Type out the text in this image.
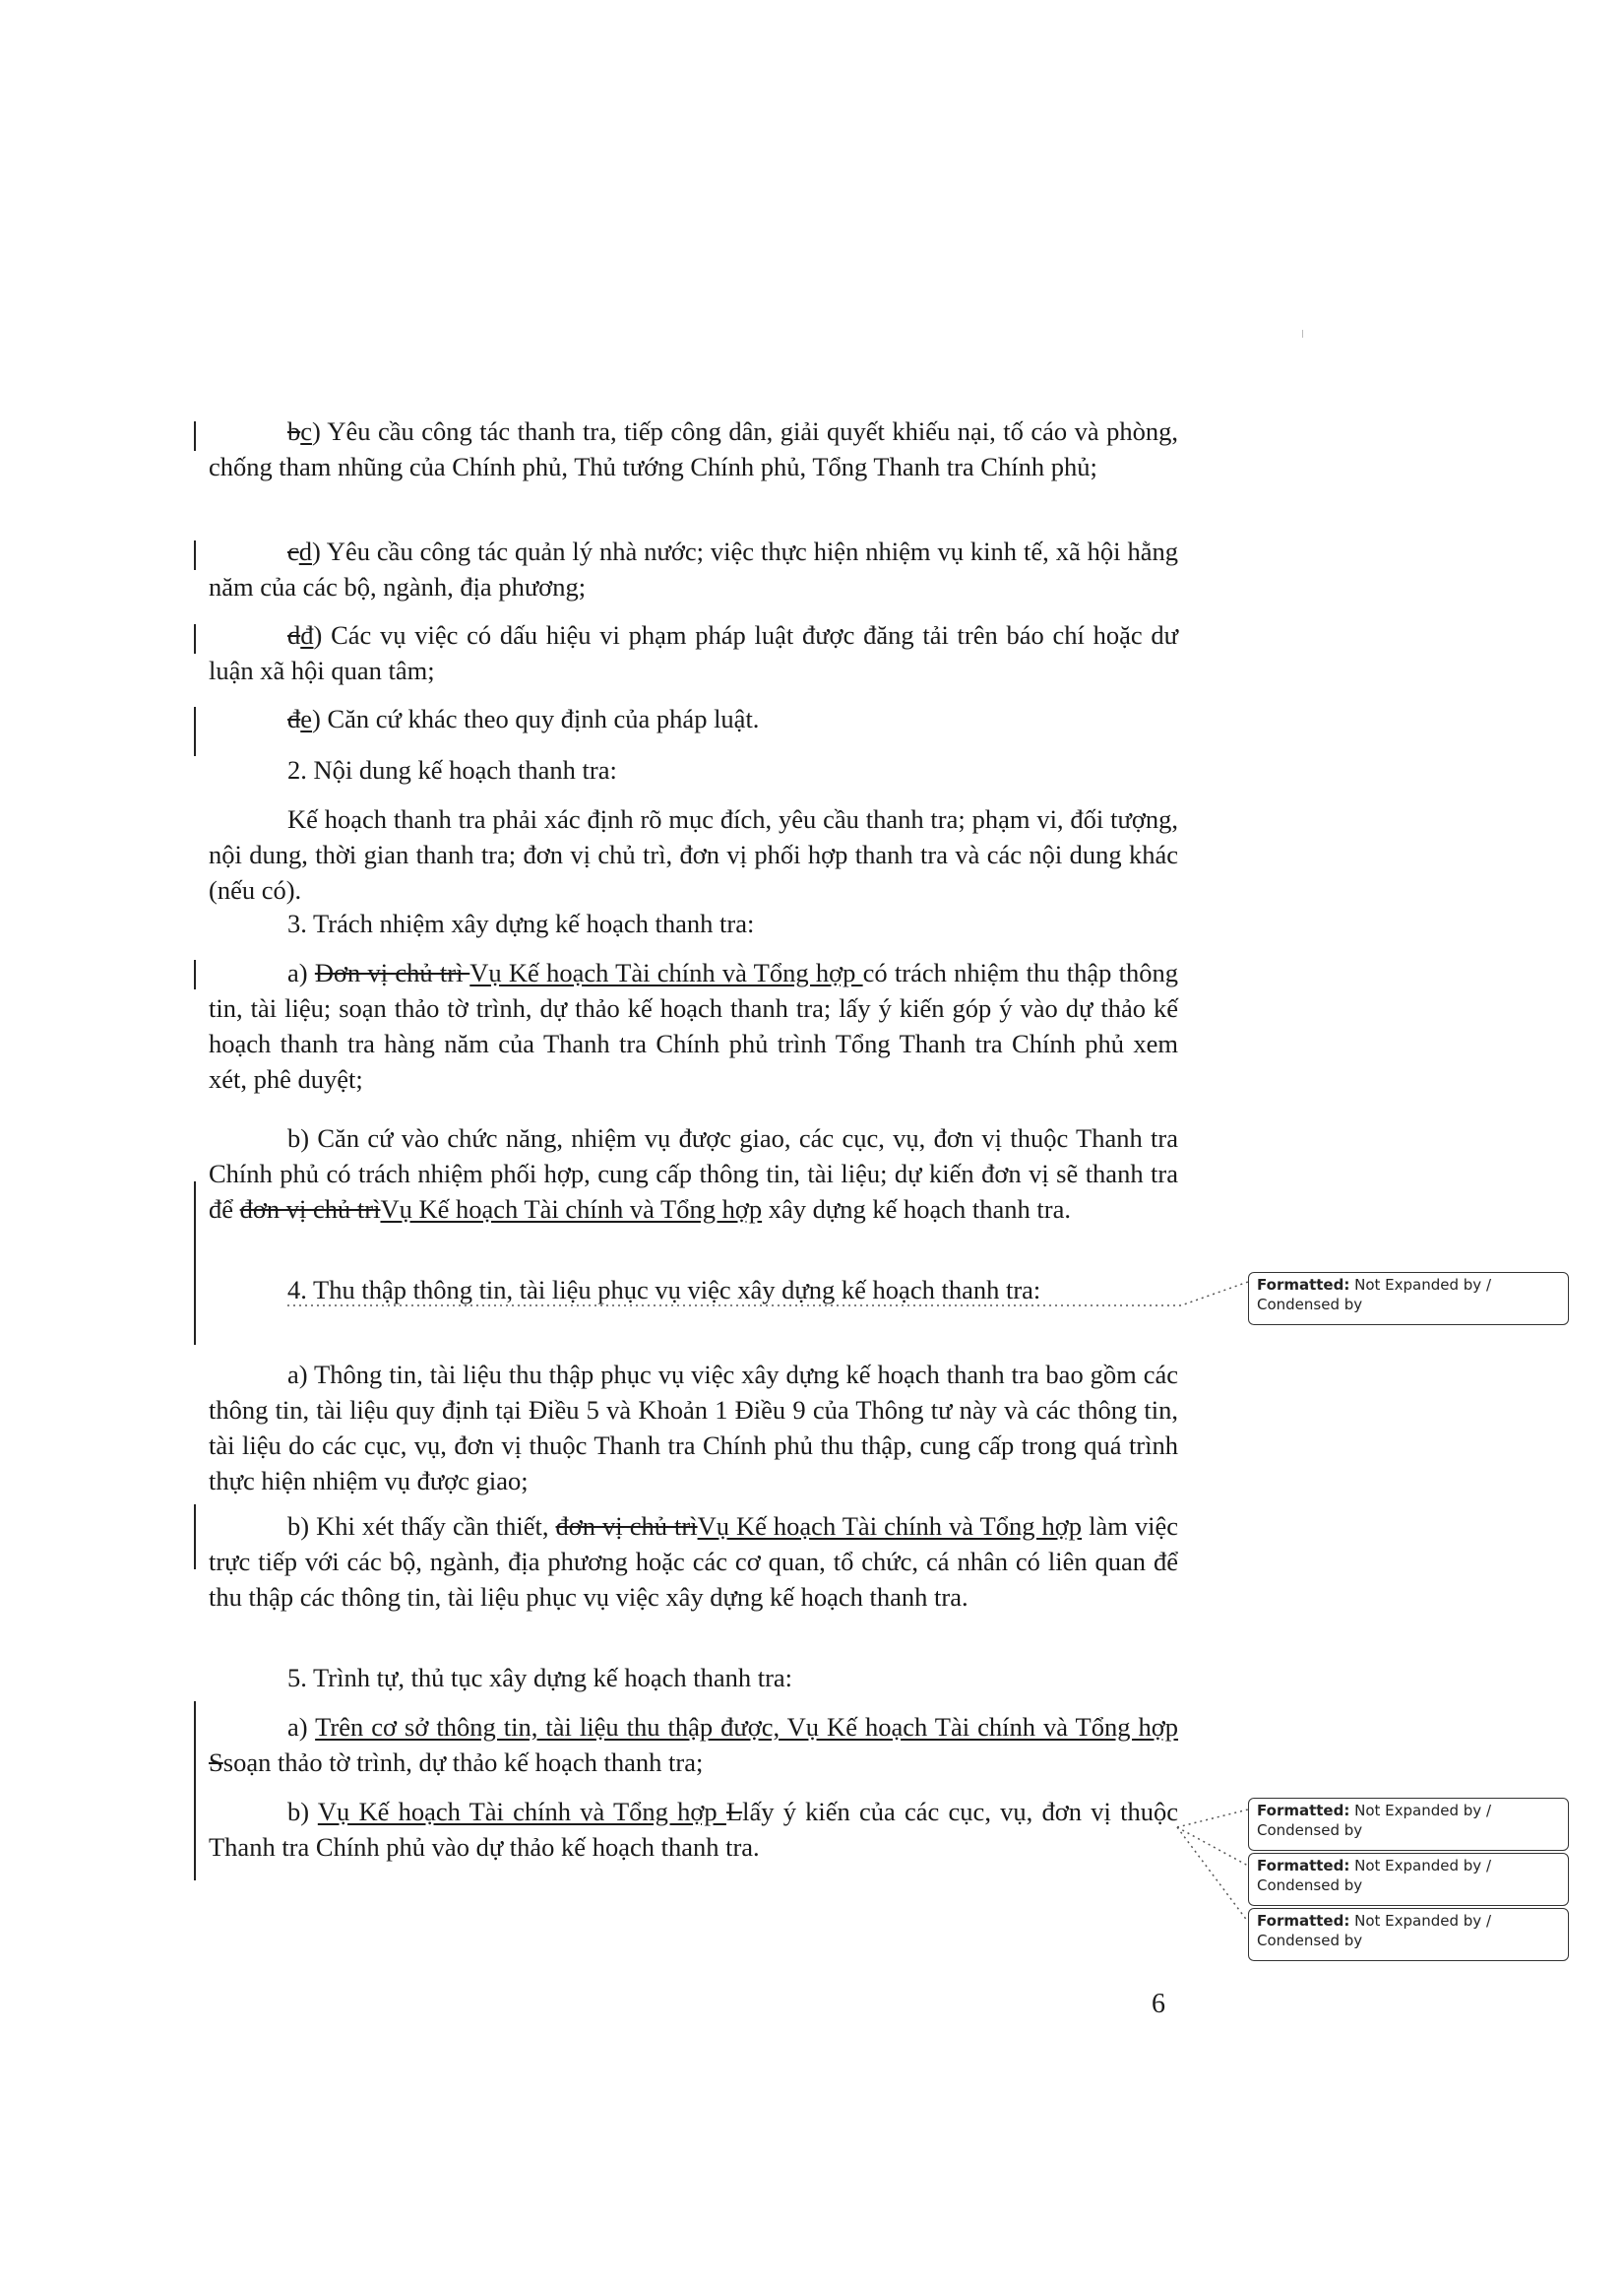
bc) Yêu cầu công tác thanh tra, tiếp công dân, giải quyết khiếu nại, tố cáo và phòng, chống tham nhũng của Chính phủ, Thủ tướng Chính phủ, Tổng Thanh tra Chính phủ;

cd) Yêu cầu công tác quản lý nhà nước; việc thực hiện nhiệm vụ kinh tế, xã hội hằng năm của các bộ, ngành, địa phương;

dđ) Các vụ việc có dấu hiệu vi phạm pháp luật được đăng tải trên báo chí hoặc dư luận xã hội quan tâm;

đe) Căn cứ khác theo quy định của pháp luật.

2. Nội dung kế hoạch thanh tra:

Kế hoạch thanh tra phải xác định rõ mục đích, yêu cầu thanh tra; phạm vi, đối tượng, nội dung, thời gian thanh tra; đơn vị chủ trì, đơn vị phối hợp thanh tra và các nội dung khác (nếu có).

3. Trách nhiệm xây dựng kế hoạch thanh tra:

a) Đơn vị chủ trì Vụ Kế hoạch Tài chính và Tổng hợp có trách nhiệm thu thập thông tin, tài liệu; soạn thảo tờ trình, dự thảo kế hoạch thanh tra; lấy ý kiến góp ý vào dự thảo kế hoạch thanh tra hàng năm của Thanh tra Chính phủ trình Tổng Thanh tra Chính phủ xem xét, phê duyệt;

b) Căn cứ vào chức năng, nhiệm vụ được giao, các cục, vụ, đơn vị thuộc Thanh tra Chính phủ có trách nhiệm phối hợp, cung cấp thông tin, tài liệu; dự kiến đơn vị sẽ thanh tra để đơn vị chủ trìVụ Kế hoạch Tài chính và Tổng hợp xây dựng kế hoạch thanh tra.

4. Thu thập thông tin, tài liệu phục vụ việc xây dựng kế hoạch thanh tra:

a) Thông tin, tài liệu thu thập phục vụ việc xây dựng kế hoạch thanh tra bao gồm các thông tin, tài liệu quy định tại Điều 5 và Khoản 1 Điều 9 của Thông tư này và các thông tin, tài liệu do các cục, vụ, đơn vị thuộc Thanh tra Chính phủ thu thập, cung cấp trong quá trình thực hiện nhiệm vụ được giao;

b) Khi xét thấy cần thiết, đơn vị chủ trìVụ Kế hoạch Tài chính và Tổng hợp làm việc trực tiếp với các bộ, ngành, địa phương hoặc các cơ quan, tổ chức, cá nhân có liên quan để thu thập các thông tin, tài liệu phục vụ việc xây dựng kế hoạch thanh tra.

5. Trình tự, thủ tục xây dựng kế hoạch thanh tra:

a) Trên cơ sở thông tin, tài liệu thu thập được, Vụ Kế hoạch Tài chính và Tổng hợp Ssoạn thảo tờ trình, dự thảo kế hoạch thanh tra;

b) Vụ Kế hoạch Tài chính và Tổng hợp Llấy ý kiến của các cục, vụ, đơn vị thuộc Thanh tra Chính phủ vào dự thảo kế hoạch thanh tra.

Formatted: Not Expanded by / Condensed by
Formatted: Not Expanded by / Condensed by
Formatted: Not Expanded by / Condensed by
Formatted: Not Expanded by / Condensed by
6
